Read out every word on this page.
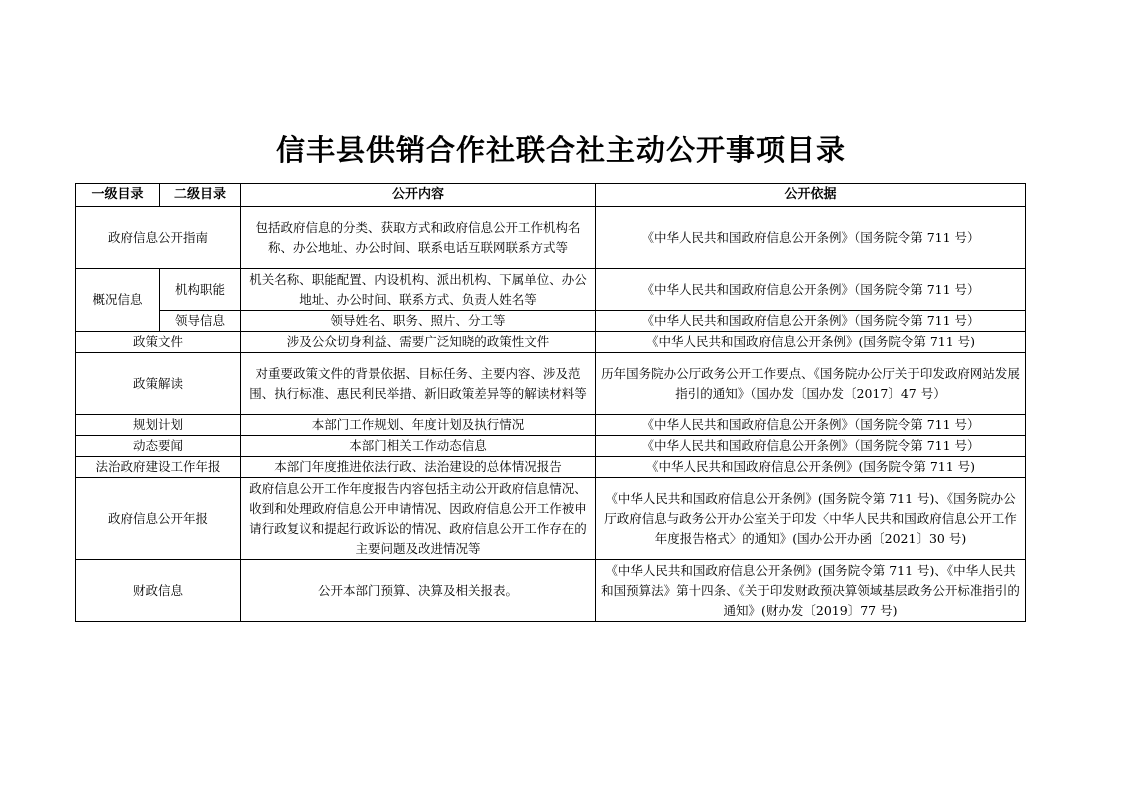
信丰县供销合作社联合社主动公开事项目录
一级目录	二级目录	公开内容	公开依据
政府信息公开指南		包括政府信息的分类、获取方式和政府信息公开工作机构名称、办公地址、办公时间、联系电话互联网联系方式等	《中华人民共和国政府信息公开条例》（国务院令第 711 号）
概况信息	机构职能	机关名称、职能配置、内设机构、派出机构、下属单位、办公地址、办公时间、联系方式、负责人姓名等	《中华人民共和国政府信息公开条例》（国务院令第 711 号）
	领导信息	领导姓名、职务、照片、分工等	《中华人民共和国政府信息公开条例》（国务院令第 711 号）
政策文件		涉及公众切身利益、需要广泛知晓的政策性文件	《中华人民共和国政府信息公开条例》(国务院令第 711 号)
政策解读		对重要政策文件的背景依据、目标任务、主要内容、涉及范围、执行标准、惠民利民举措、新旧政策差异等的解读材料等	历年国务院办公厅政务公开工作要点、《国务院办公厅关于印发政府网站发展指引的通知》（国办发〔国办发〔2017〕47 号）
规划计划		本部门工作规划、年度计划及执行情况	《中华人民共和国政府信息公开条例》（国务院令第 711 号）
动态要闻		本部门相关工作动态信息	《中华人民共和国政府信息公开条例》（国务院令第 711 号）
法治政府建设工作年报		本部门年度推进依法行政、法治建设的总体情况报告	《中华人民共和国政府信息公开条例》(国务院令第 711 号)
政府信息公开年报		政府信息公开工作年度报告内容包括主动公开政府信息情况、收到和处理政府信息公开申请情况、因政府信息公开工作被申请行政复议和提起行政诉讼的情况、政府信息公开工作存在的主要问题及改进情况等	《中华人民共和国政府信息公开条例》(国务院令第 711 号)、《国务院办公厅政府信息与政务公开办公室关于印发〈中华人民共和国政府信息公开工作年度报告格式〉的通知》(国办公开办函〔2021〕30 号)
财政信息		公开本部门预算、决算及相关报表。	《中华人民共和国政府信息公开条例》(国务院令第 711 号)、《中华人民共和国预算法》第十四条、《关于印发财政预决算领域基层政务公开标准指引的通知》(财办发〔2019〕77 号)
